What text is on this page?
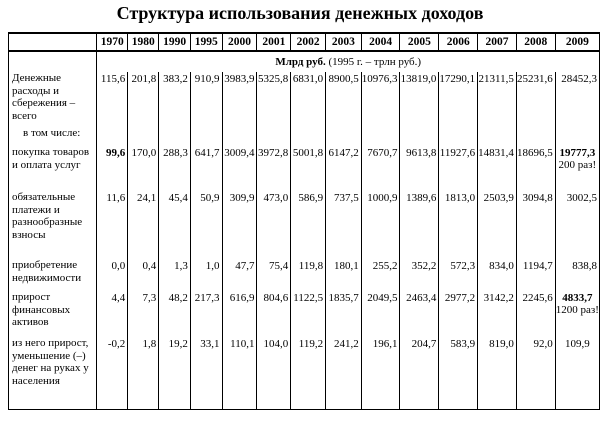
Структура использования денежных доходов
	1970	1980	1990	1995	2000	2001	2002	2003	2004	2005	2006	2007	2008	2009
	Млрд руб. (1995 г. – трлн руб.)													
Денежные расходы и сбережения – всего	115,6	201,8	383,2	910,9	3983,9	5325,8	6831,0	8900,5	10976,3	13819,0	17290,1	21311,5	25231,6	28452,3
в том числе:														
покупка товаров и оплата услуг	99,6	170,0	288,3	641,7	3009,4	3972,8	5001,8	6147,2	7670,7	9613,8	11927,6	14831,4	18696,5	19777,3
200 раз!

обязательные платежи и разнообразные взносы	11,6	24,1	45,4	50,9	309,9	473,0	586,9	737,5	1000,9	1389,6	1813,0	2503,9	3094,8	3002,5
приобретение недвижимости	0,0	0,4	1,3	1,0	47,7	75,4	119,8	180,1	255,2	352,2	572,3	834,0	1194,7	838,8
прирост финансовых активов	4,4	7,3	48,2	217,3	616,9	804,6	1122,5	1835,7	2049,5	2463,4	2977,2	3142,2	2245,6	4833,7
1200 раз!

из него прирост, уменьшение (–) денег на руках у населения	-0,2	1,8	19,2	33,1	110,1	104,0	119,2	241,2	196,1	204,7	583,9	819,0	92,0	109,9
